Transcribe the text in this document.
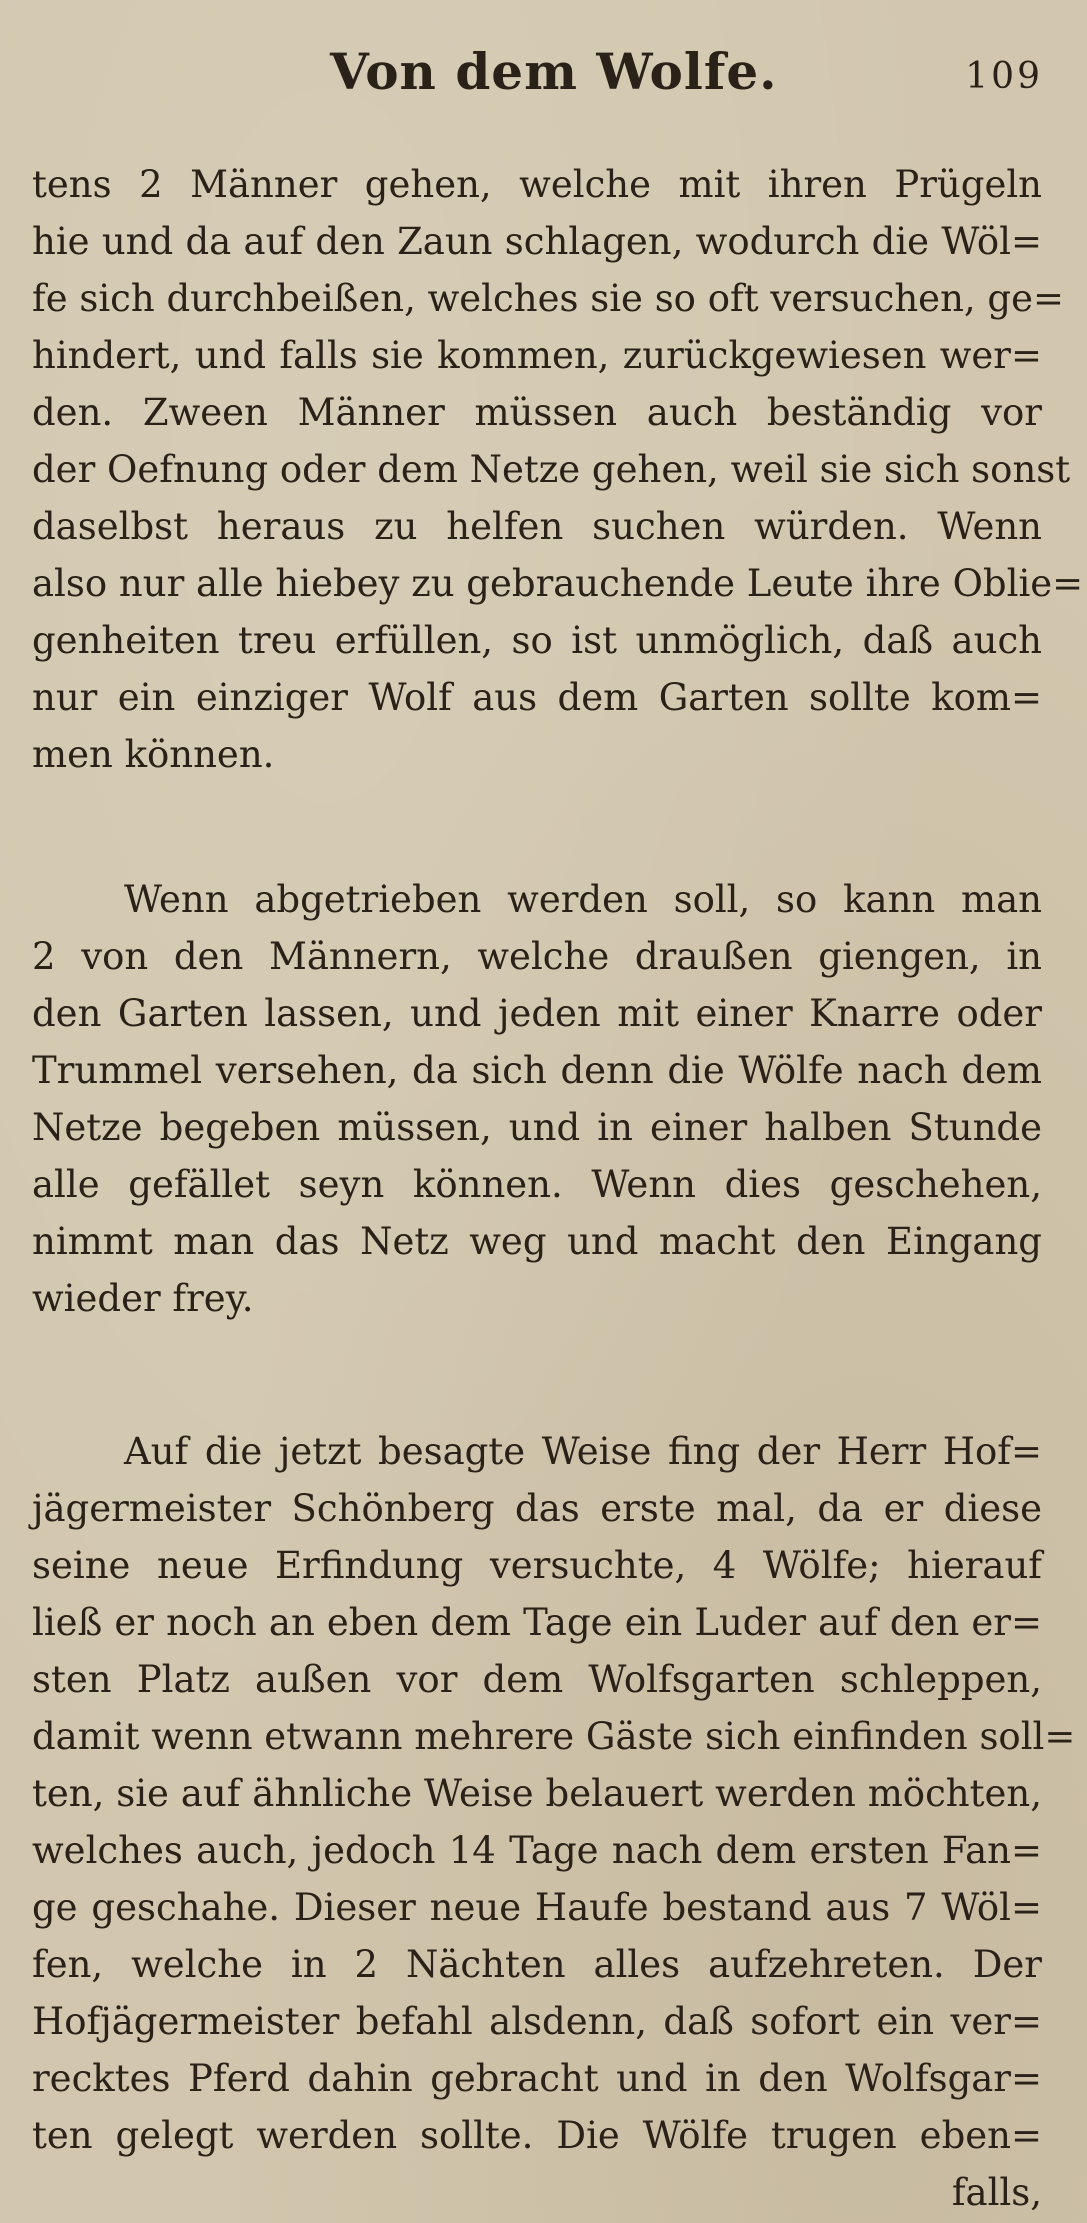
Von dem Wolfe.	109
tens 2 Männer gehen, welche mit ihren Prügeln
hie und da auf den Zaun schlagen, wodurch die Wöl=
fe sich durchbeißen, welches sie so oft versuchen, ge=
hindert, und falls sie kommen, zurückgewiesen wer=
den. Zween Männer müssen auch beständig vor
der Oefnung oder dem Netze gehen, weil sie sich sonst
daselbst heraus zu helfen suchen würden. Wenn
also nur alle hiebey zu gebrauchende Leute ihre Oblie=
genheiten treu erfüllen, so ist unmöglich, daß auch
nur ein einziger Wolf aus dem Garten sollte kom=
men können.
Wenn abgetrieben werden soll, so kann man
2 von den Männern, welche draußen giengen, in
den Garten lassen, und jeden mit einer Knarre oder
Trummel versehen, da sich denn die Wölfe nach dem
Netze begeben müssen, und in einer halben Stunde
alle gefället seyn können. Wenn dies geschehen,
nimmt man das Netz weg und macht den Eingang
wieder frey.
Auf die jetzt besagte Weise fing der Herr Hof=
jägermeister Schönberg das erste mal, da er diese
seine neue Erfindung versuchte, 4 Wölfe; hierauf
ließ er noch an eben dem Tage ein Luder auf den er=
sten Platz außen vor dem Wolfsgarten schleppen,
damit wenn etwann mehrere Gäste sich einfinden soll=
ten, sie auf ähnliche Weise belauert werden möchten,
welches auch, jedoch 14 Tage nach dem ersten Fan=
ge geschahe. Dieser neue Haufe bestand aus 7 Wöl=
fen, welche in 2 Nächten alles aufzehreten. Der
Hofjägermeister befahl alsdenn, daß sofort ein ver=
recktes Pferd dahin gebracht und in den Wolfsgar=
ten gelegt werden sollte. Die Wölfe trugen eben=
falls,
